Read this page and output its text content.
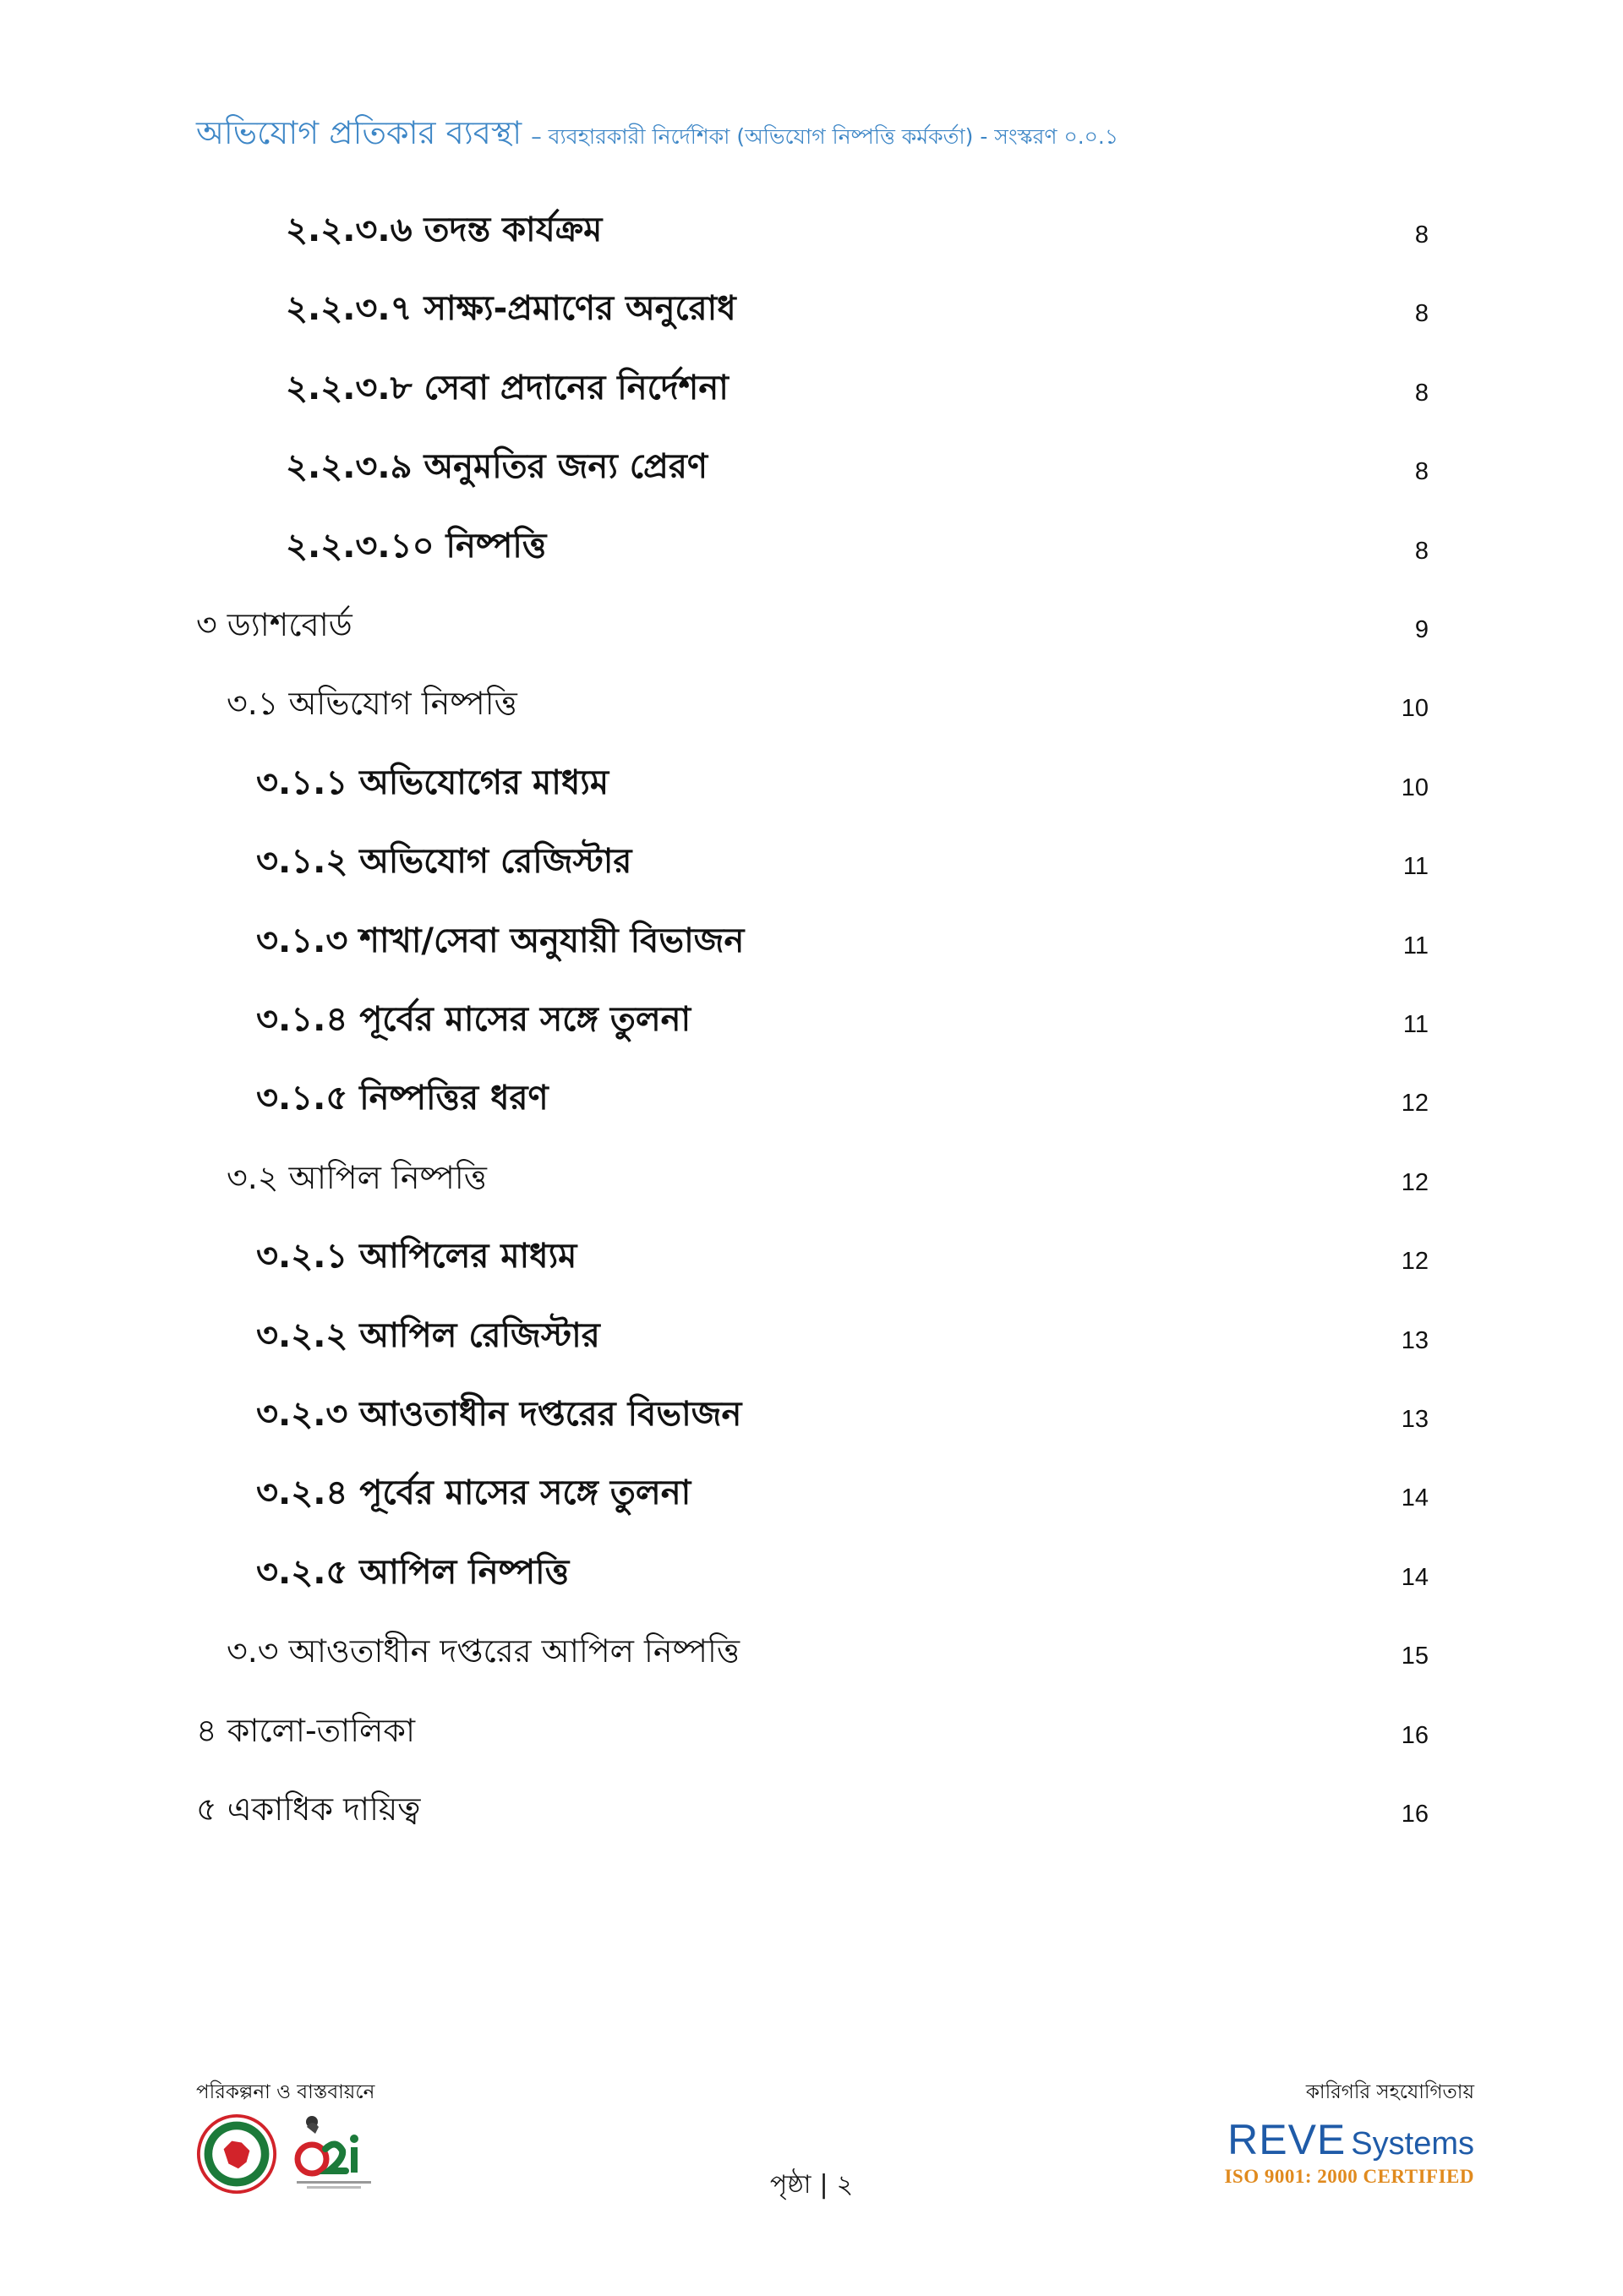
অভিযোগ প্রতিকার ব্যবস্থা – ব্যবহারকারী নির্দেশিকা (অভিযোগ নিষ্পত্তি কর্মকর্তা) - সংস্করণ ০.০.১
২.২.৩.৬ তদন্ত কার্যক্রম	8
২.২.৩.৭ সাক্ষ্য-প্রমাণের অনুরোধ	8
২.২.৩.৮ সেবা প্রদানের নির্দেশনা	8
২.২.৩.৯ অনুমতির জন্য প্রেরণ	8
২.২.৩.১০ নিষ্পত্তি	8
৩ ড্যাশবোর্ড	9
৩.১ অভিযোগ নিষ্পত্তি	10
৩.১.১ অভিযোগের মাধ্যম	10
৩.১.২ অভিযোগ রেজিস্টার	11
৩.১.৩ শাখা/সেবা অনুযায়ী বিভাজন	11
৩.১.৪ পূর্বের মাসের সঙ্গে তুলনা	11
৩.১.৫ নিষ্পত্তির ধরণ	12
৩.২ আপিল নিষ্পত্তি	12
৩.২.১ আপিলের মাধ্যম	12
৩.২.২ আপিল রেজিস্টার	13
৩.২.৩ আওতাধীন দপ্তরের বিভাজন	13
৩.২.৪ পূর্বের মাসের সঙ্গে তুলনা	14
৩.২.৫ আপিল নিষ্পত্তি	14
৩.৩ আওতাধীন দপ্তরের আপিল নিষ্পত্তি	15
৪ কালো-তালিকা	16
৫ একাধিক দায়িত্ব	16
পরিকল্পনা ও বাস্তবায়নে	কারিগরি সহযোগিতায়
পৃষ্ঠা | ২
REVE Systems
ISO 9001: 2000 CERTIFIED
